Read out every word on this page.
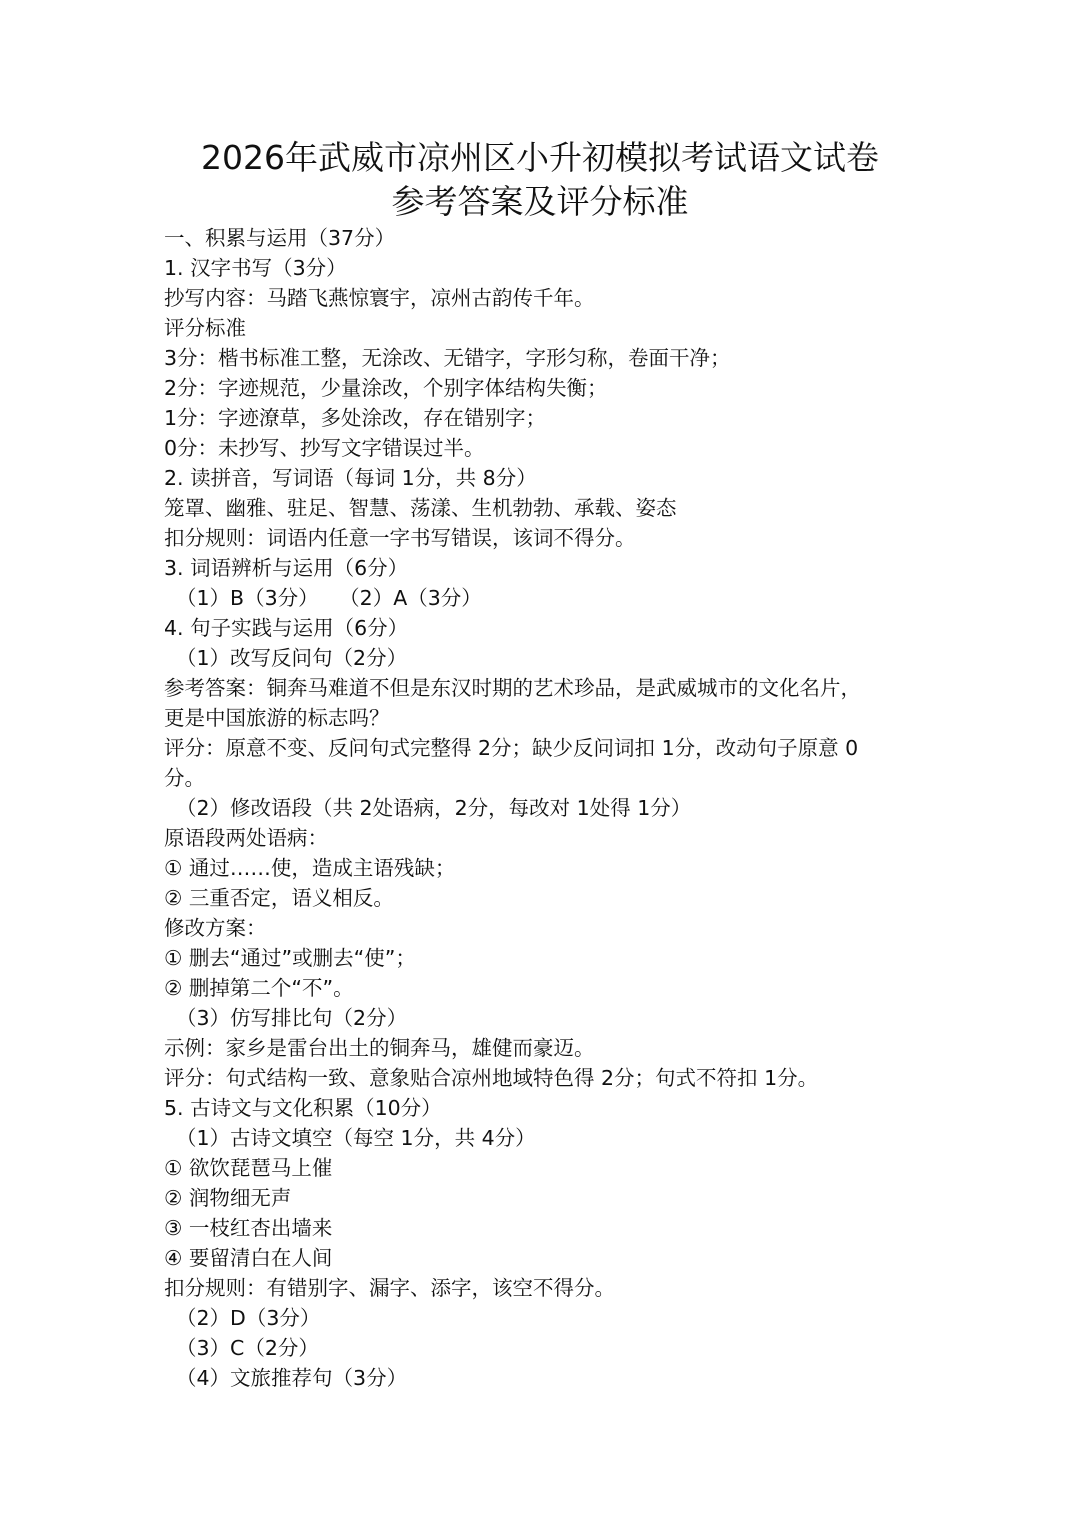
2026年武威市凉州区小升初模拟考试语文试卷
参考答案及评分标准

一、积累与运用（37分）

1. 汉字书写（3分）

抄写内容：马踏飞燕惊寰宇，凉州古韵传千年。

评分标准

3分：楷书标准工整，无涂改、无错字，字形匀称，卷面干净；

2分：字迹规范，少量涂改，个别字体结构失衡；

1分：字迹潦草，多处涂改，存在错别字；

0分：未抄写、抄写文字错误过半。

2. 读拼音，写词语（每词 1分，共 8分）

笼罩、幽雅、驻足、智慧、荡漾、生机勃勃、承载、姿态

扣分规则：词语内任意一字书写错误，该词不得分。

3. 词语辨析与运用（6分）

（1）B（3分）　　（2）A（3分）

4. 句子实践与运用（6分）

（1）改写反问句（2分）

参考答案：铜奔马难道不但是东汉时期的艺术珍品，是武威城市的文化名片，

更是中国旅游的标志吗？

评分：原意不变、反问句式完整得 2分；缺少反问词扣 1分，改动句子原意 0

分。

（2）修改语段（共 2处语病，2分，每改对 1处得 1分）

原语段两处语病：

① 通过……使，造成主语残缺；

② 三重否定，语义相反。

修改方案：

① 删去“通过”或删去“使”；

② 删掉第二个“不”。

（3）仿写排比句（2分）

示例：家乡是雷台出土的铜奔马，雄健而豪迈。

评分：句式结构一致、意象贴合凉州地域特色得 2分；句式不符扣 1分。

5. 古诗文与文化积累（10分）

（1）古诗文填空（每空 1分，共 4分）

① 欲饮琵琶马上催

② 润物细无声

③ 一枝红杏出墙来

④ 要留清白在人间

扣分规则：有错别字、漏字、添字，该空不得分。

（2）D（3分）

（3）C（2分）

（4）文旅推荐句（3分）
